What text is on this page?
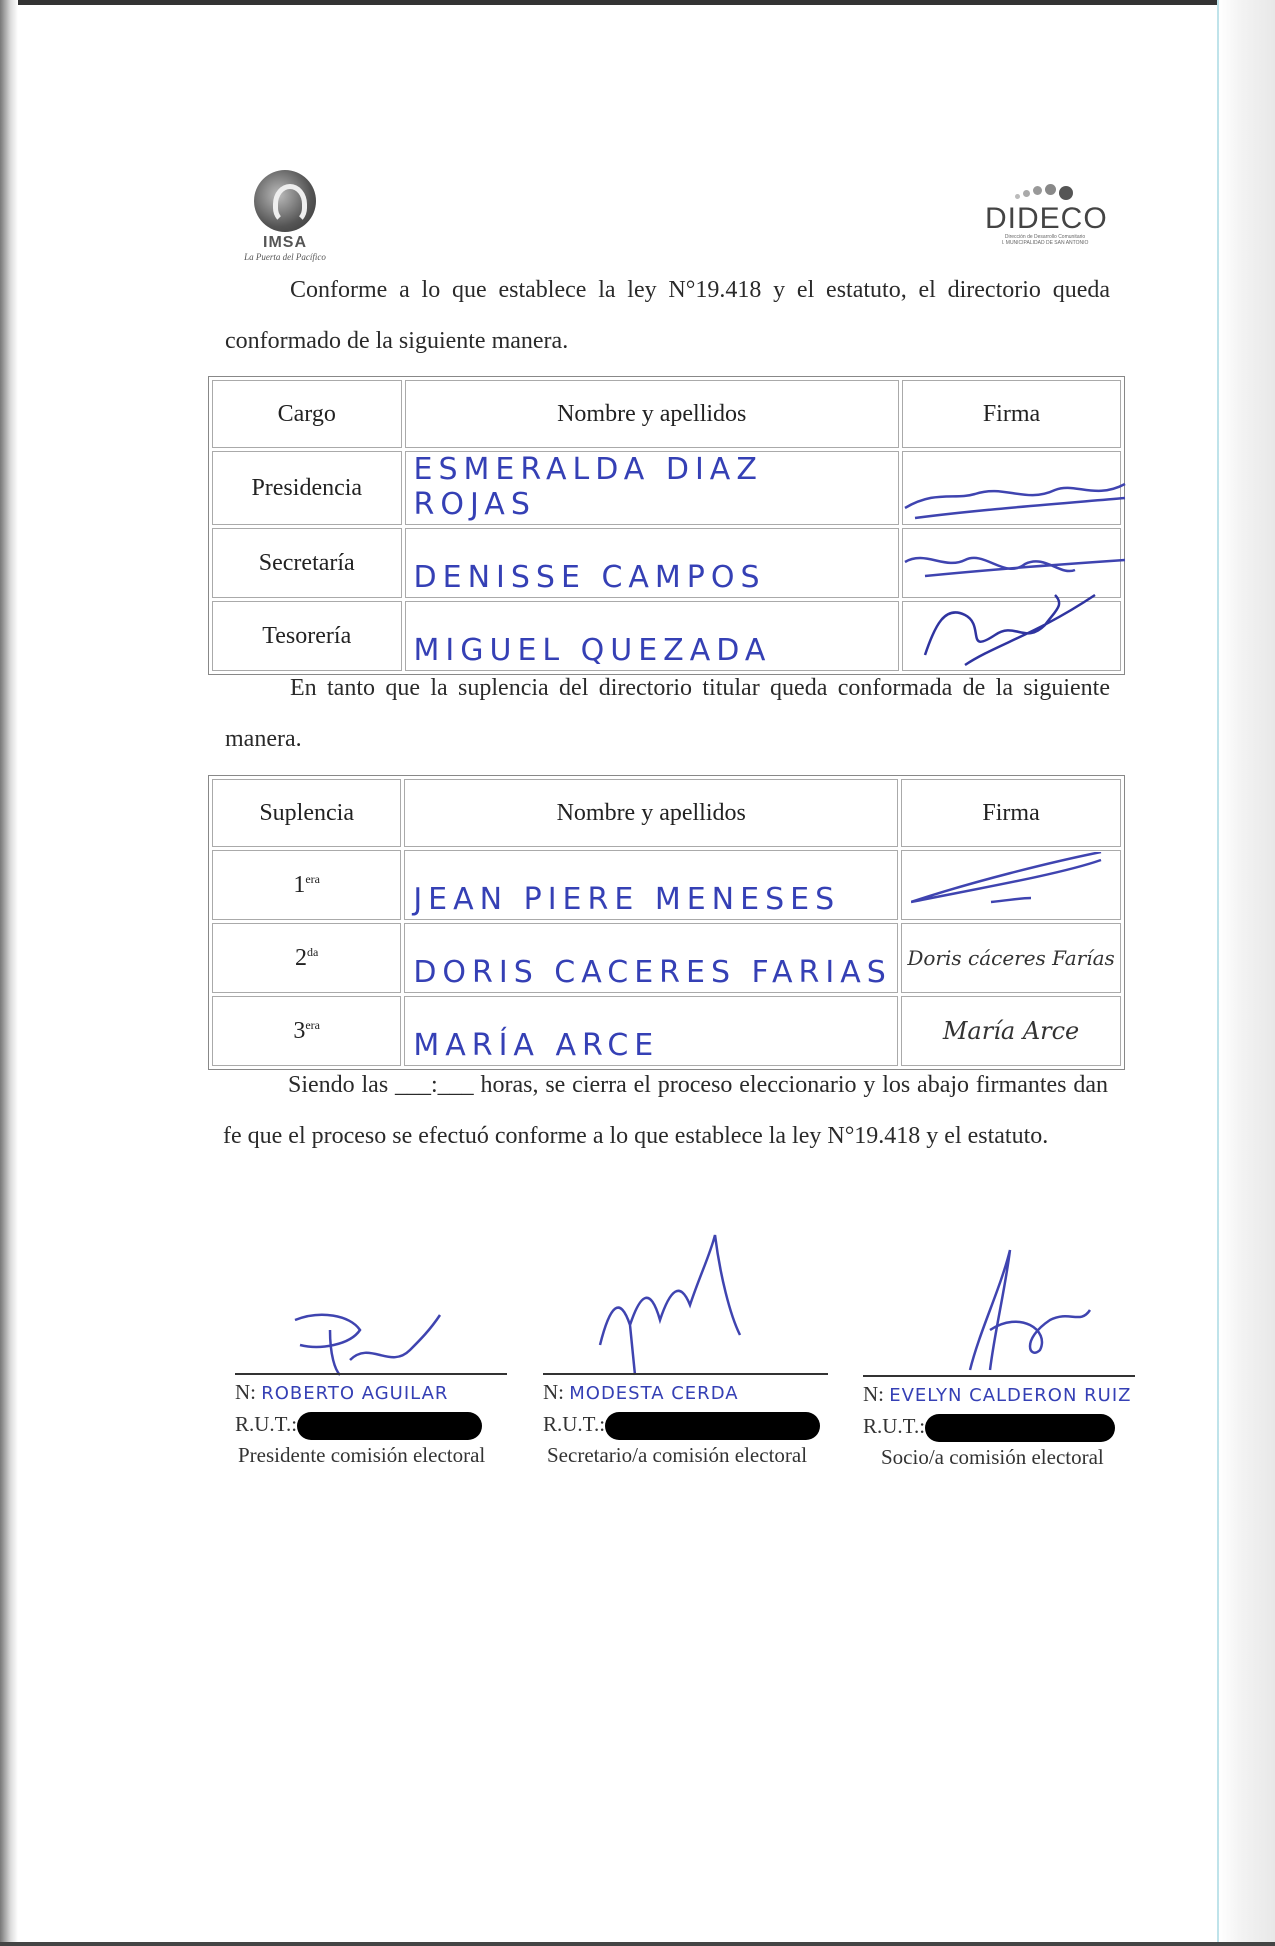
IMSA
La Puerta del Pacífico
DIDECO
Dirección de Desarrollo Comunitario
I. MUNICIPALIDAD DE SAN ANTONIO
Conforme a lo que establece la ley N°19.418 y el estatuto, el directorio queda conformado de la siguiente manera.
Cargo	Nombre y apellidos	Firma
Presidencia	ESMERALDA DIAZ ROJAS	
Secretaría	DENISSE CAMPOS	
Tesorería	MIGUEL QUEZADA	
En tanto que la suplencia del directorio titular queda conformada de la siguiente manera.
Suplencia	Nombre y apellidos	Firma
$1^{era}$	JEAN PIERE MENESES	
$2^{da}$	DORIS CACERES FARIAS	Doris cáceres Farías
$3^{era}$	MARÍA ARCE	María Arce
Siendo las ___:___ horas, se cierra el proceso eleccionario y los abajo firmantes dan fe que el proceso se efectuó conforme a lo que establece la ley N°19.418 y el estatuto.
N: ROBERTO AGUILAR
R.U.T.:
Presidente comisión electoral
N: MODESTA CERDA
R.U.T.:
Secretario/a comisión electoral
N: EVELYN CALDERON RUIZ
R.U.T.:
Socio/a comisión electoral
